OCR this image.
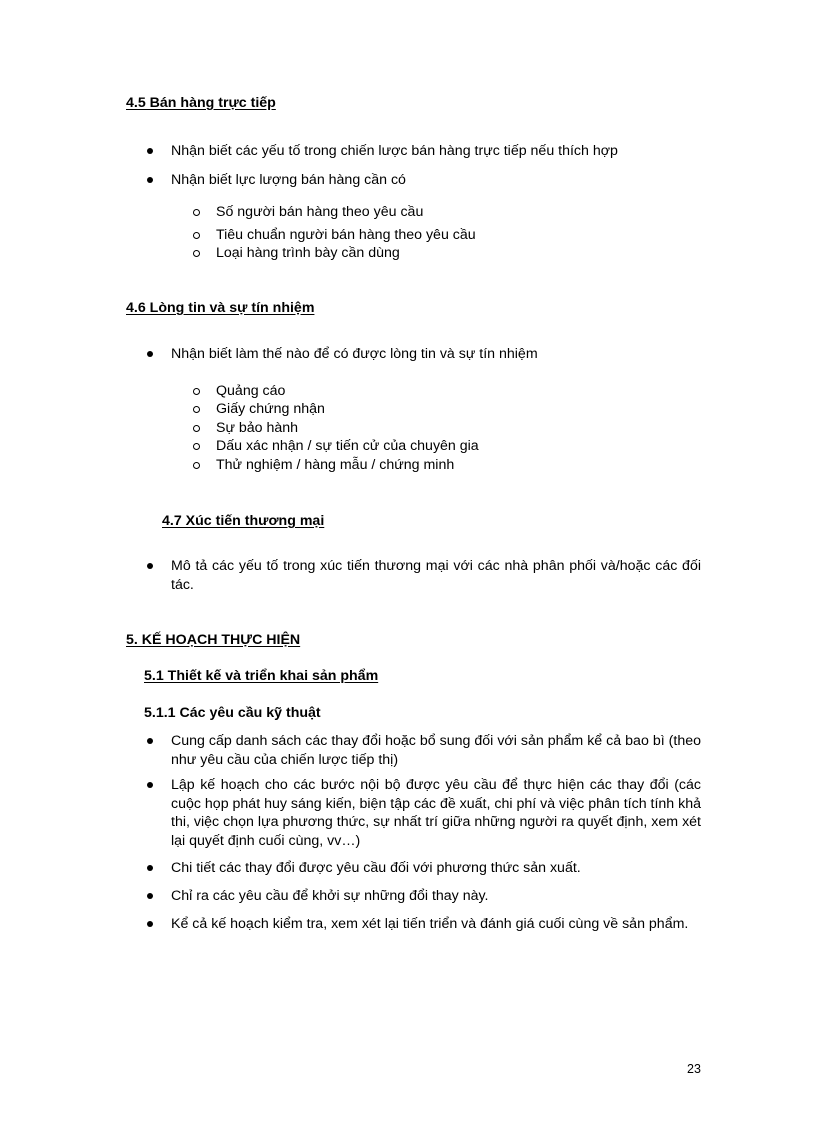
4.5 Bán hàng trực tiếp
Nhận biết các yếu tố trong chiến lược bán hàng trực tiếp nếu thích hợp
Nhận biết lực lượng bán hàng cần có
Số người bán hàng theo yêu cầu
Tiêu chuẩn người bán hàng theo yêu cầu
Loại hàng trình bày cần dùng
4.6 Lòng tin và sự tín nhiệm
Nhận biết làm thế nào để có được lòng tin và sự tín nhiệm
Quảng cáo
Giấy chứng nhận
Sự bảo hành
Dấu xác nhận / sự tiến cử của chuyên gia
Thử nghiệm / hàng mẫu / chứng minh
4.7 Xúc tiến thương mại
Mô tả các yếu tố trong xúc tiến thương mại với các nhà phân phối và/hoặc các đối tác.
5. KẾ HOẠCH THỰC HIỆN
5.1 Thiết kế và triển khai sản phẩm
5.1.1 Các yêu cầu kỹ thuật
Cung cấp danh sách các thay đổi hoặc bổ sung đối với sản phẩm kể cả bao bì (theo như yêu cầu của chiến lược tiếp thị)
Lập kế hoạch cho các bước nội bộ được yêu cầu để thực hiện các thay đổi (các cuộc họp phát huy sáng kiến, biện tập các đề xuất, chi phí và việc phân tích tính khả thi, việc chọn lựa phương thức, sự nhất trí giữa những người ra quyết định, xem xét lại quyết định cuối cùng, vv…)
Chi tiết các thay đổi được yêu cầu đối với phương thức sản xuất.
Chỉ ra các yêu cầu để khởi sự những đổi thay này.
Kể cả kế hoạch kiểm tra, xem xét lại tiến triển và đánh giá cuối cùng về sản phẩm.
23
